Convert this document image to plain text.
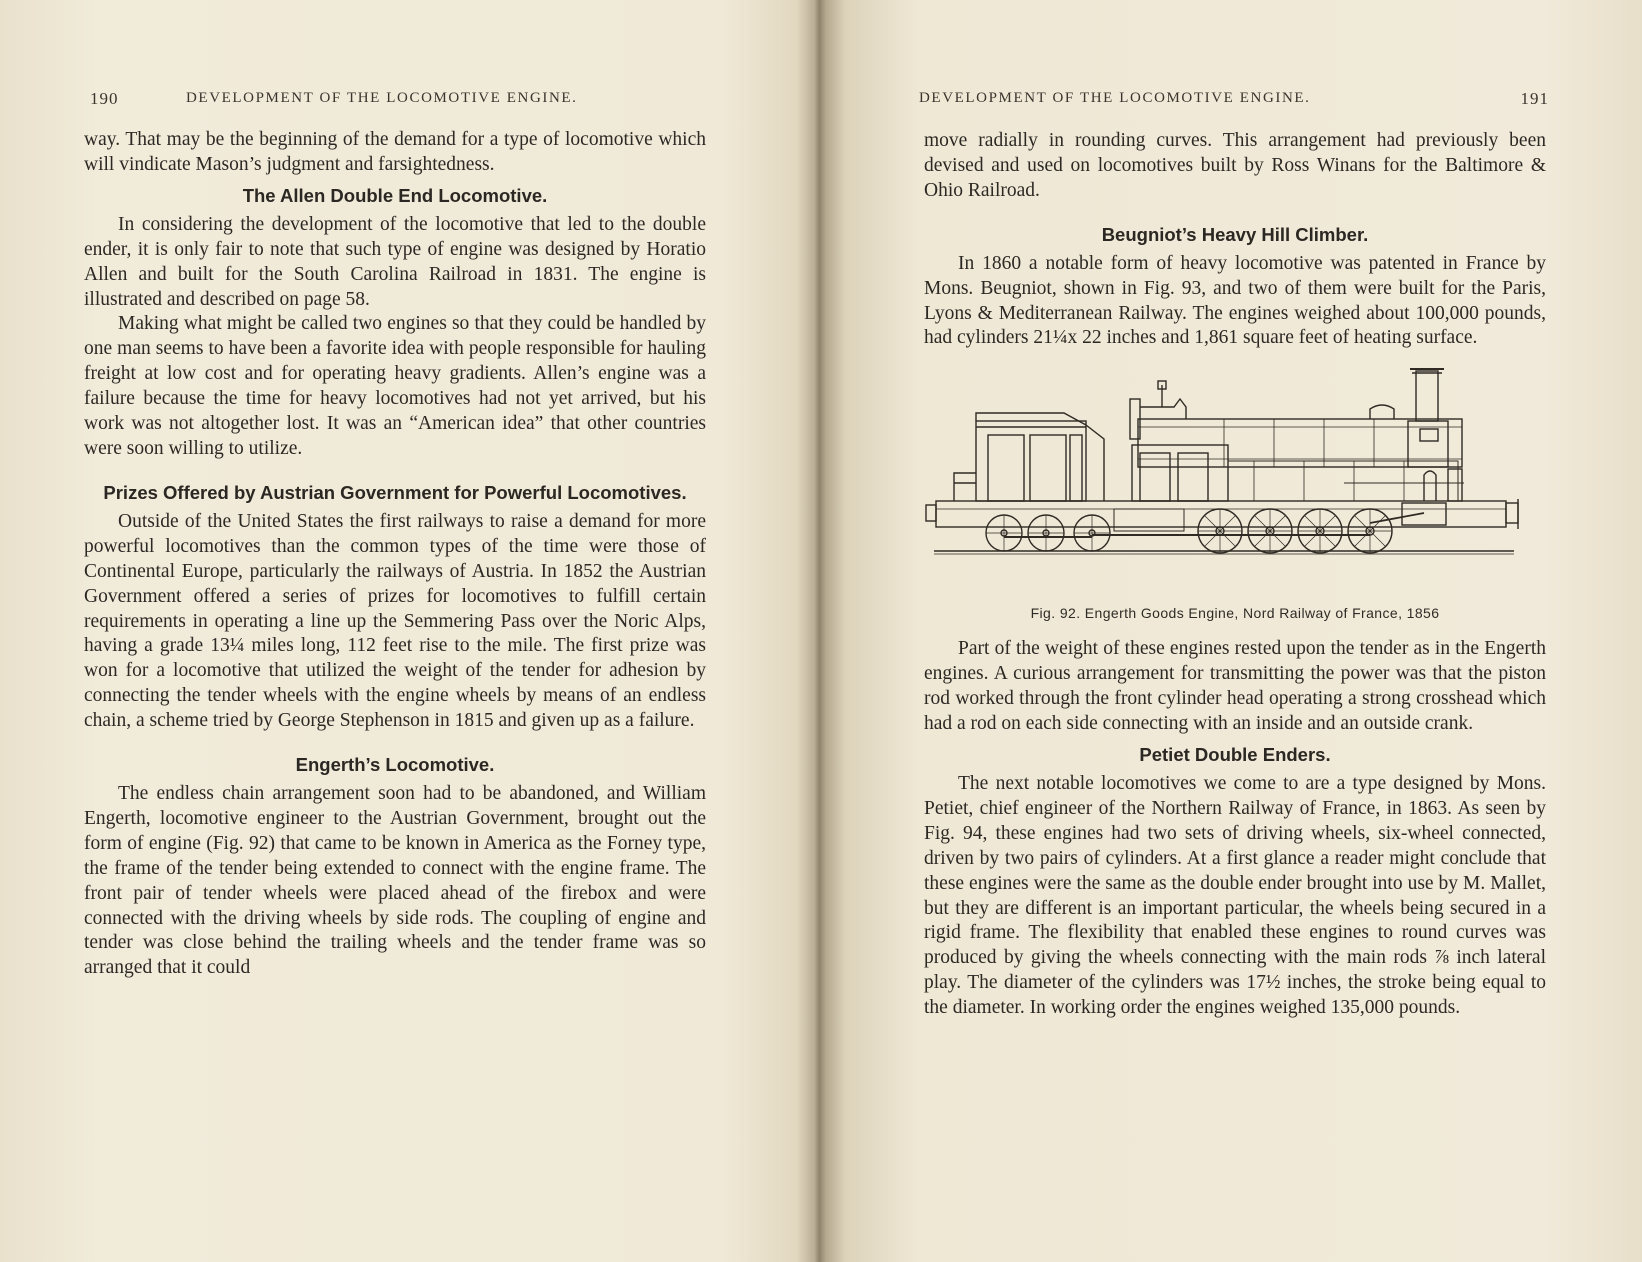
190	DEVELOPMENT OF THE LOCOMOTIVE ENGINE.

way. That may be the beginning of the demand for a type of locomotive which will vindicate Mason’s judgment and farsightedness.

The Allen Double End Locomotive.

In considering the development of the locomotive that led to the double ender, it is only fair to note that such type of engine was designed by Horatio Allen and built for the South Carolina Railroad in 1831. The engine is illustrated and described on page 58.

Making what might be called two engines so that they could be handled by one man seems to have been a favorite idea with people responsible for hauling freight at low cost and for operating heavy gradients. Allen’s engine was a failure because the time for heavy locomotives had not yet arrived, but his work was not altogether lost. It was an “American idea” that other countries were soon willing to utilize.

Prizes Offered by Austrian Government for Powerful Locomotives.

Outside of the United States the first railways to raise a demand for more powerful locomotives than the common types of the time were those of Continental Europe, particularly the railways of Austria. In 1852 the Austrian Government offered a series of prizes for locomotives to fulfill certain requirements in operating a line up the Semmering Pass over the Noric Alps, having a grade 13¼ miles long, 112 feet rise to the mile. The first prize was won for a locomotive that utilized the weight of the tender for adhesion by connecting the tender wheels with the engine wheels by means of an endless chain, a scheme tried by George Stephenson in 1815 and given up as a failure.

Engerth’s Locomotive.

The endless chain arrangement soon had to be abandoned, and William Engerth, locomotive engineer to the Austrian Government, brought out the form of engine (Fig. 92) that came to be known in America as the Forney type, the frame of the tender being extended to connect with the engine frame. The front pair of tender wheels were placed ahead of the firebox and were connected with the driving wheels by side rods. The coupling of engine and tender was close behind the trailing wheels and the tender frame was so arranged that it could

DEVELOPMENT OF THE LOCOMOTIVE ENGINE.	191

move radially in rounding curves. This arrangement had previously been devised and used on locomotives built by Ross Winans for the Baltimore & Ohio Railroad.

Beugniot’s Heavy Hill Climber.

In 1860 a notable form of heavy locomotive was patented in France by Mons. Beugniot, shown in Fig. 93, and two of them were built for the Paris, Lyons & Mediterranean Railway. The engines weighed about 100,000 pounds, had cylinders 21¼x 22 inches and 1,861 square feet of heating surface.

Fig. 92. Engerth Goods Engine, Nord Railway of France, 1856

Part of the weight of these engines rested upon the tender as in the Engerth engines. A curious arrangement for transmitting the power was that the piston rod worked through the front cylinder head operating a strong crosshead which had a rod on each side connecting with an inside and an outside crank.

Petiet Double Enders.

The next notable locomotives we come to are a type designed by Mons. Petiet, chief engineer of the Northern Railway of France, in 1863. As seen by Fig. 94, these engines had two sets of driving wheels, six-wheel connected, driven by two pairs of cylinders. At a first glance a reader might conclude that these engines were the same as the double ender brought into use by M. Mallet, but they are different is an important particular, the wheels being secured in a rigid frame. The flexibility that enabled these engines to round curves was produced by giving the wheels connecting with the main rods ⅞ inch lateral play. The diameter of the cylinders was 17½ inches, the stroke being equal to the diameter. In working order the engines weighed 135,000 pounds.
